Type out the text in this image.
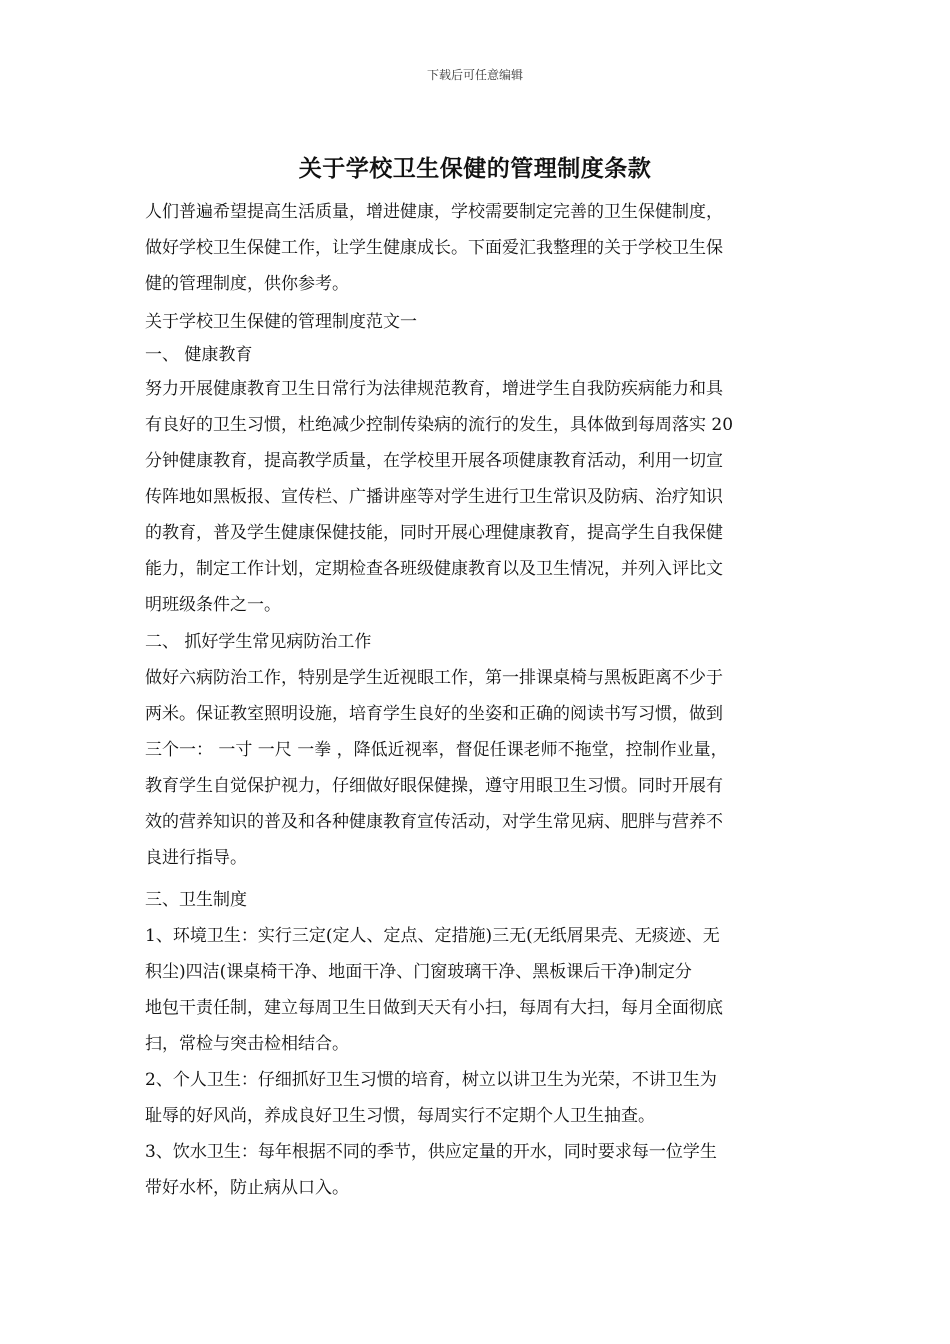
下载后可任意编辑
关于学校卫生保健的管理制度条款
人们普遍希望提高生活质量，增进健康，学校需要制定完善的卫生保健制度，
做好学校卫生保健工作，让学生健康成长。下面爱汇我整理的关于学校卫生保
健的管理制度，供你参考。
关于学校卫生保健的管理制度范文一
一、 健康教育
努力开展健康教育卫生日常行为法律规范教育，增进学生自我防疾病能力和具
有良好的卫生习惯，杜绝减少控制传染病的流行的发生，具体做到每周落实 20
分钟健康教育，提高教学质量，在学校里开展各项健康教育活动，利用一切宣
传阵地如黑板报、宣传栏、广播讲座等对学生进行卫生常识及防病、治疗知识
的教育，普及学生健康保健技能，同时开展心理健康教育，提高学生自我保健
能力，制定工作计划，定期检查各班级健康教育以及卫生情况，并列入评比文
明班级条件之一。
二、 抓好学生常见病防治工作
做好六病防治工作，特别是学生近视眼工作，第一排课桌椅与黑板距离不少于
两米。保证教室照明设施，培育学生良好的坐姿和正确的阅读书写习惯，做到
三个一： 一寸 一尺 一拳 ，降低近视率，督促任课老师不拖堂，控制作业量，
教育学生自觉保护视力，仔细做好眼保健操，遵守用眼卫生习惯。同时开展有
效的营养知识的普及和各种健康教育宣传活动，对学生常见病、肥胖与营养不
良进行指导。
三、卫生制度
1、环境卫生：实行三定(定人、定点、定措施)三无(无纸屑果壳、无痰迹、无
积尘)四洁(课桌椅干净、地面干净、门窗玻璃干净、黑板课后干净)制定分
地包干责任制，建立每周卫生日做到天天有小扫，每周有大扫，每月全面彻底
扫，常检与突击检相结合。
2、个人卫生：仔细抓好卫生习惯的培育，树立以讲卫生为光荣，不讲卫生为
耻辱的好风尚，养成良好卫生习惯，每周实行不定期个人卫生抽查。
3、饮水卫生：每年根据不同的季节，供应定量的开水，同时要求每一位学生
带好水杯，防止病从口入。
